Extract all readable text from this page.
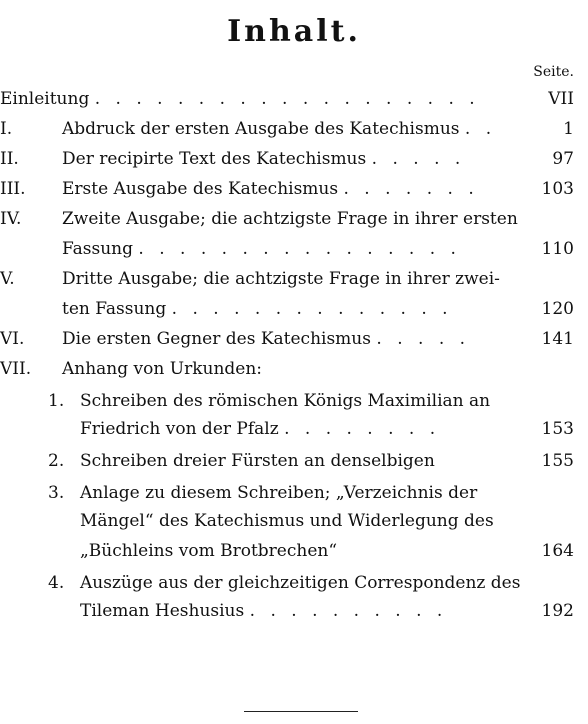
Inhalt.
Seite.
Einleitung . . . . . . . . . . . . . . . . . . .	VII
I.	Abdruck der ersten Ausgabe des Katechismus . .	1
II.	Der recipirte Text des Katechismus . . . . .	97
III. Erste Ausgabe des Katechismus . . . . . . .	103
IV. Zweite Ausgabe; die achtzigste Frage in ihrer ersten
Fassung . . . . . . . . . . . . . . . .	110
V.	Dritte Ausgabe; die achtzigste Frage in ihrer zwei-
ten Fassung . . . . . . . . . . . . . .	120
VI. Die ersten Gegner des Katechismus . . . . .	141
VII. Anhang von Urkunden:
1. Schreiben des römischen Königs Maximilian an
Friedrich von der Pfalz . . . . . . . .	153
2. Schreiben dreier Fürsten an denselbigen	155
3. Anlage zu diesem Schreiben; „Verzeichnis der
Mängel“ des Katechismus und Widerlegung des
„Büchleins vom Brotbrechen“	164
4. Auszüge aus der gleichzeitigen Correspondenz des
Tileman Heshusius . . . . . . . . . .	192
